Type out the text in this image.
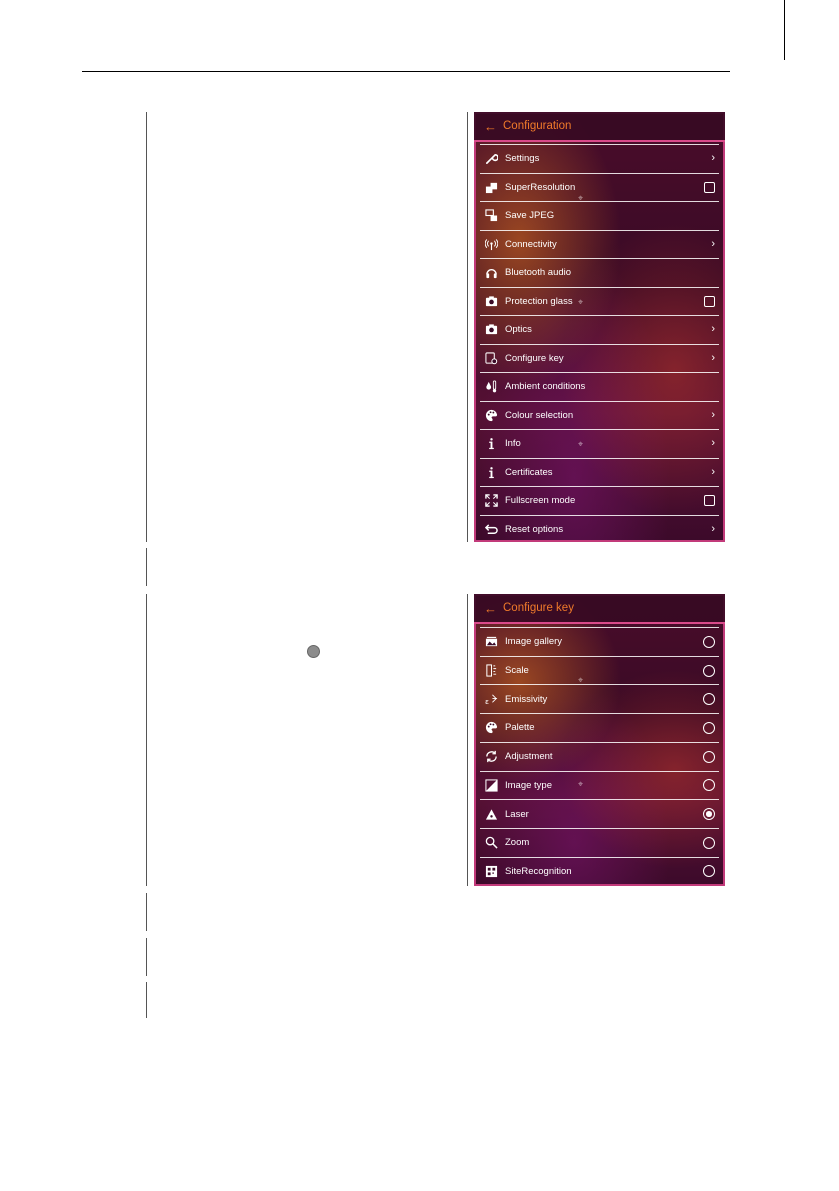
← Configuration
Settings	›
SuperResolution
Save JPEG
Connectivity	›
Bluetooth audio
Protection glass
Optics	›
Configure key	›
Ambient conditions
Colour selection	›
Info	›
Certificates	›
Fullscreen mode
Reset options	›
⌖
⌖
⌖
← Configure key
Image gallery
Scale
ε Emissivity
Palette
Adjustment
Image type
Laser
Zoom
SiteRecognition
⌖
⌖
